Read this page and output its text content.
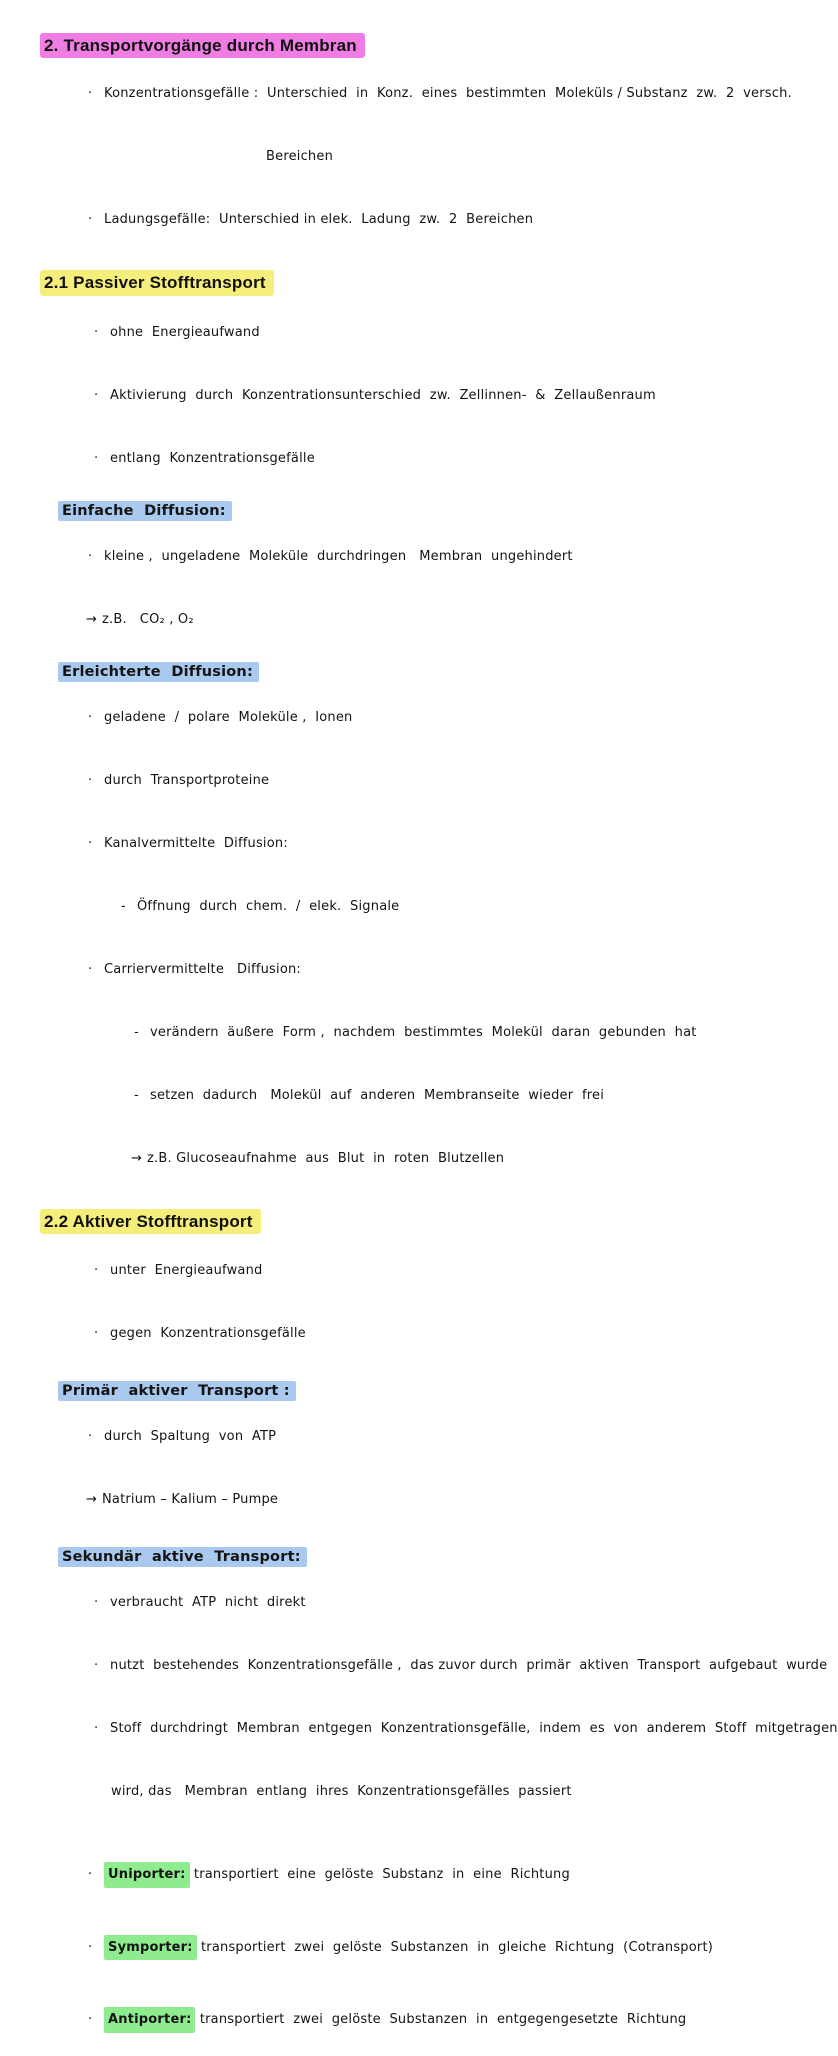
2. Transportvorgänge durch Membran

· Konzentrationsgefälle :  Unterschied  in  Konz.  eines  bestimmten  Moleküls / Substanz  zw.  2  versch.

Bereichen

· Ladungsgefälle:  Unterschied in elek.  Ladung  zw.  2  Bereichen

2.1 Passiver Stofftransport

· ohne  Energieaufwand

· Aktivierung  durch  Konzentrationsunterschied  zw.  Zellinnen-  &  Zellaußenraum

· entlang  Konzentrationsgefälle

Einfache  Diffusion:

· kleine ,  ungeladene  Moleküle  durchdringen   Membran  ungehindert

→ z.B.   CO₂ , O₂

Erleichterte  Diffusion:

· geladene  /  polare  Moleküle ,  Ionen

· durch  Transportproteine

· Kanalvermittelte  Diffusion:

- Öffnung  durch  chem.  /  elek.  Signale

· Carriervermittelte   Diffusion:

- verändern  äußere  Form ,  nachdem  bestimmtes  Molekül  daran  gebunden  hat

- setzen  dadurch   Molekül  auf  anderen  Membranseite  wieder  frei

→ z.B. Glucoseaufnahme  aus  Blut  in  roten  Blutzellen

2.2 Aktiver Stofftransport

· unter  Energieaufwand

· gegen  Konzentrationsgefälle

Primär  aktiver  Transport :

· durch  Spaltung  von  ATP

→ Natrium – Kalium – Pumpe

Sekundär  aktive  Transport:

· verbraucht  ATP  nicht  direkt

· nutzt  bestehendes  Konzentrationsgefälle ,  das zuvor durch  primär  aktiven  Transport  aufgebaut  wurde

· Stoff  durchdringt  Membran  entgegen  Konzentrationsgefälle,  indem  es  von  anderem  Stoff  mitgetragen

wird, das   Membran  entlang  ihres  Konzentrationsgefälles  passiert

· Uniporter: transportiert  eine  gelöste  Substanz  in  eine  Richtung

· Symporter: transportiert  zwei  gelöste  Substanzen  in  gleiche  Richtung  (Cotransport)

· Antiporter: transportiert  zwei  gelöste  Substanzen  in  entgegengesetzte  Richtung
